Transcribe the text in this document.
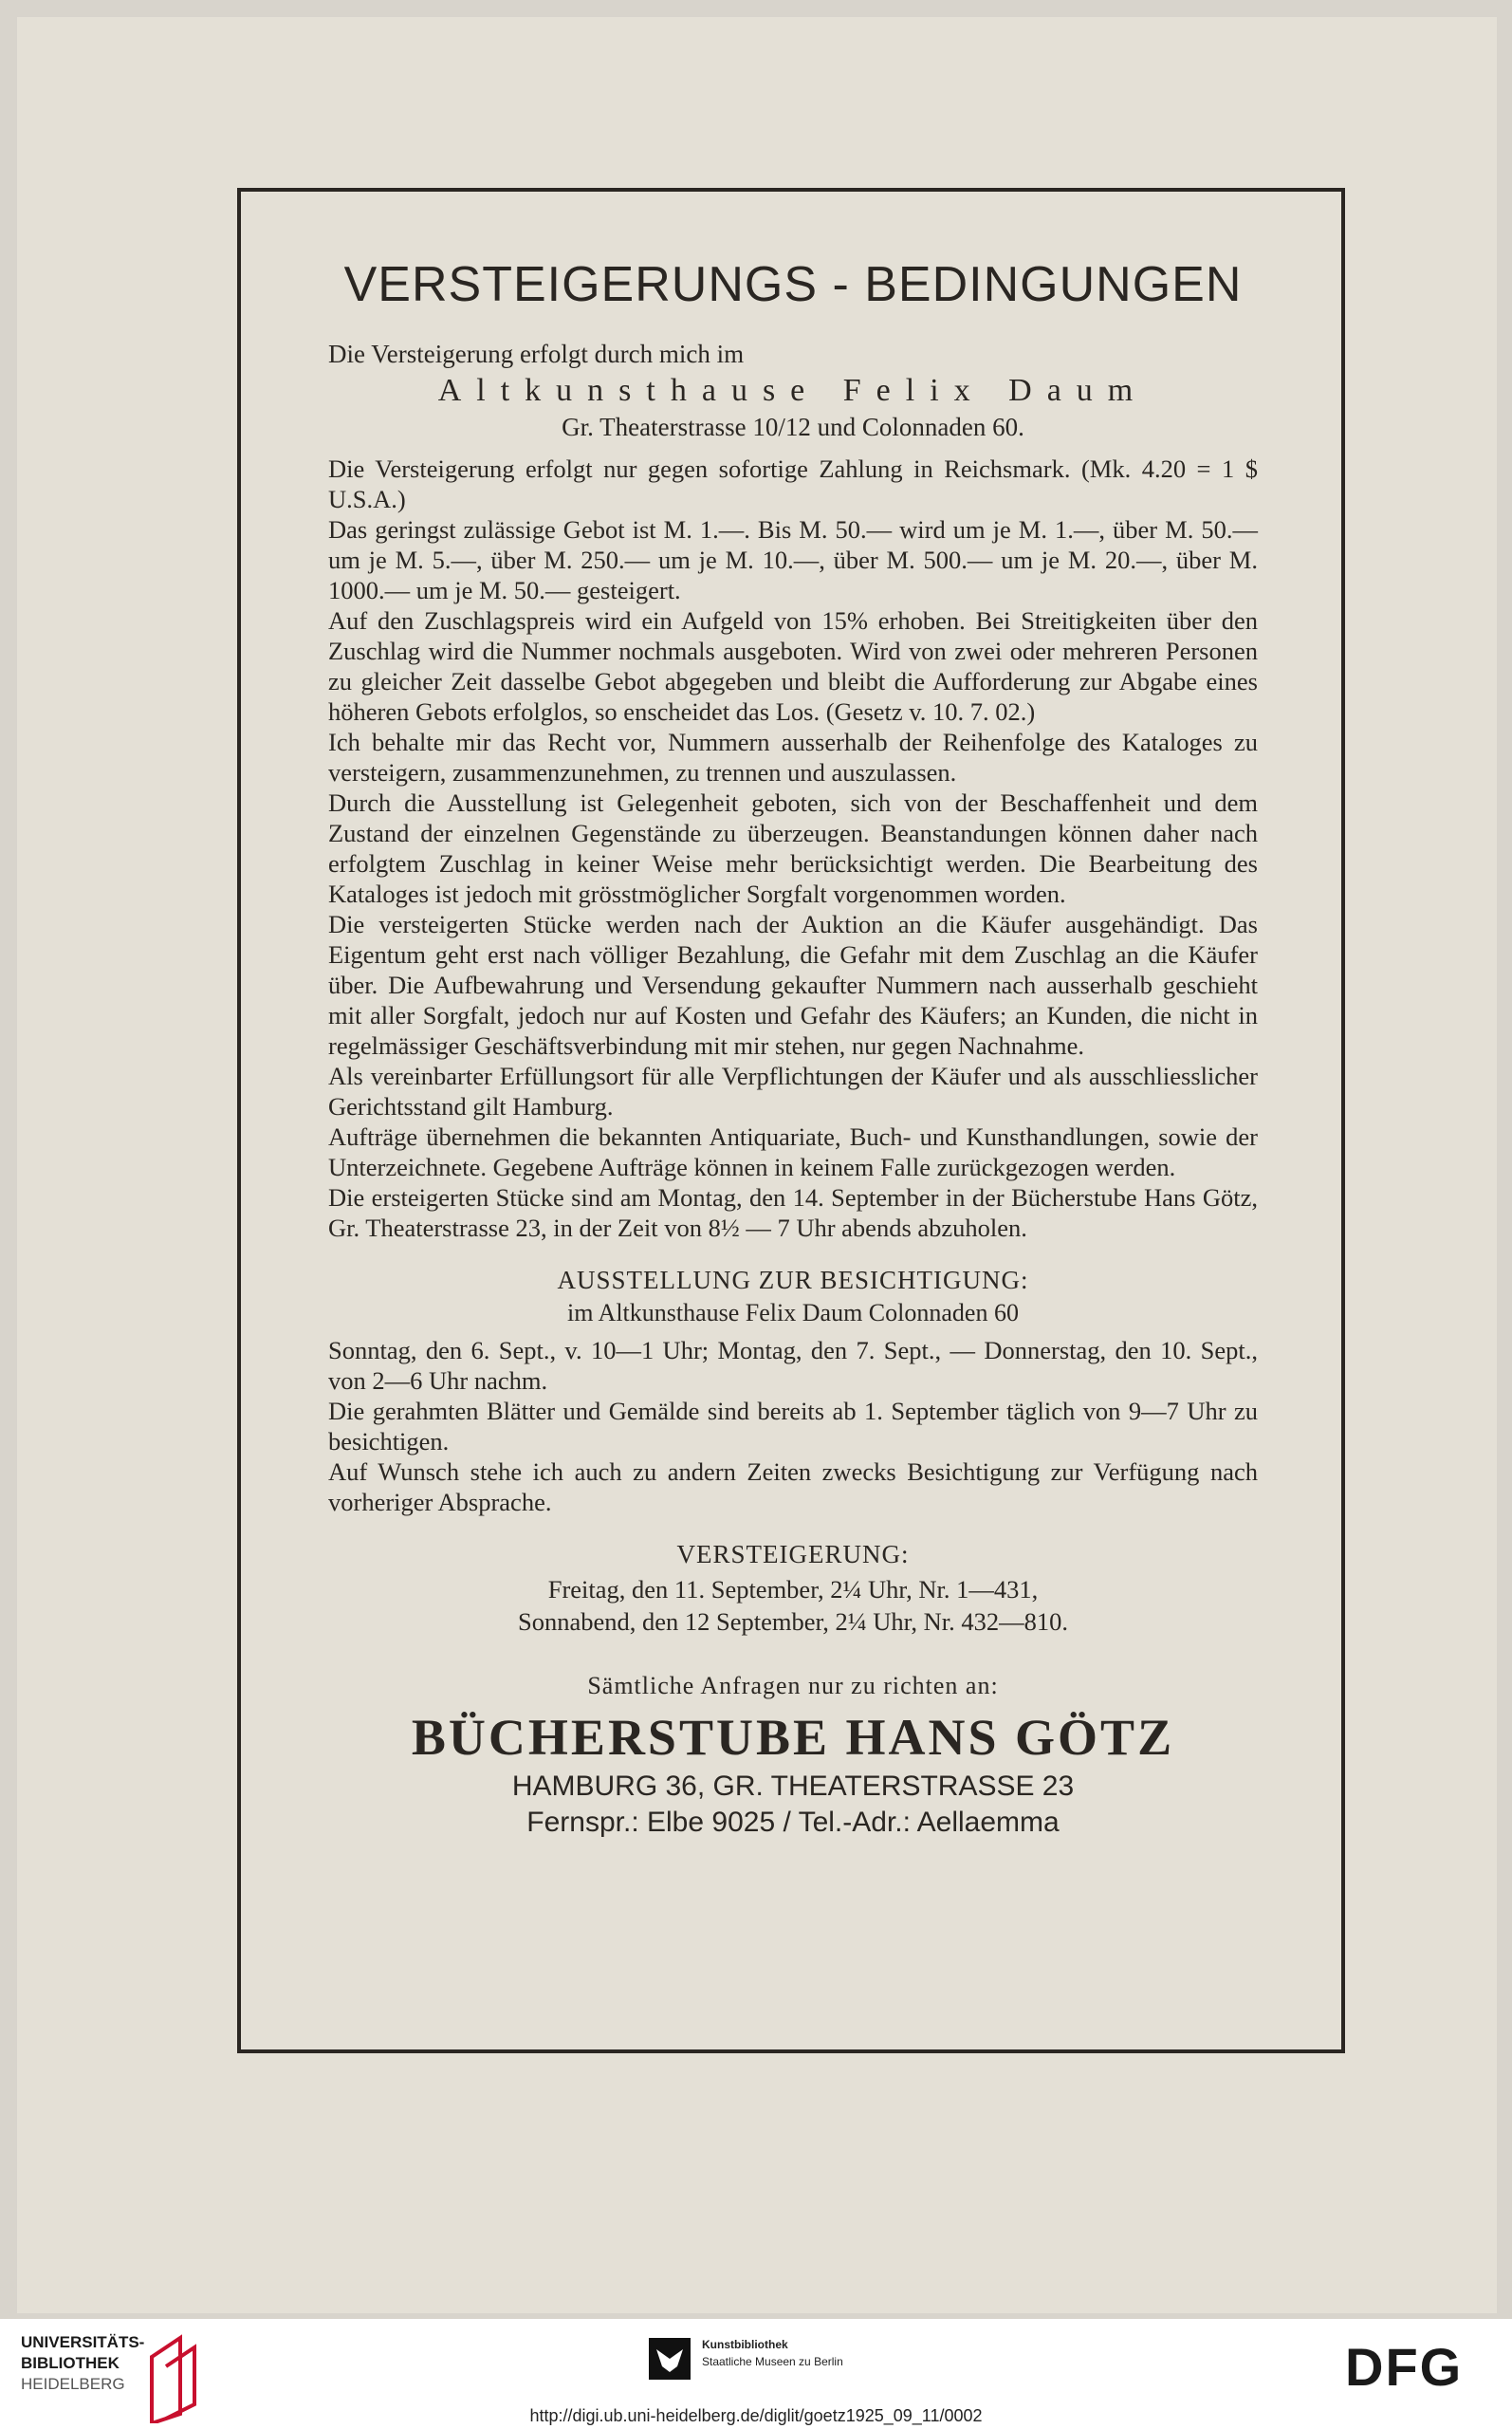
VERSTEIGERUNGS - BEDINGUNGEN

Die Versteigerung erfolgt durch mich im

Altkunsthause Felix Daum

Gr. Theaterstrasse 10/12 und Colonnaden 60.

Die Versteigerung erfolgt nur gegen sofortige Zahlung in Reichsmark. (Mk. 4.20 = 1 $ U.S.A.)

Das geringst zulässige Gebot ist M. 1.—. Bis M. 50.— wird um je M. 1.—, über M. 50.— um je M. 5.—, über M. 250.— um je M. 10.—, über M. 500.— um je M. 20.—, über M. 1000.— um je M. 50.— gesteigert.

Auf den Zuschlagspreis wird ein Aufgeld von 15% erhoben. Bei Streitigkeiten über den Zuschlag wird die Nummer nochmals ausgeboten. Wird von zwei oder mehreren Personen zu gleicher Zeit dasselbe Gebot abgegeben und bleibt die Aufforderung zur Abgabe eines höheren Gebots erfolglos, so enscheidet das Los. (Gesetz v. 10. 7. 02.)

Ich behalte mir das Recht vor, Nummern ausserhalb der Reihenfolge des Kataloges zu versteigern, zusammenzunehmen, zu trennen und auszulassen.

Durch die Ausstellung ist Gelegenheit geboten, sich von der Beschaffenheit und dem Zustand der einzelnen Gegenstände zu überzeugen. Beanstandungen können daher nach erfolgtem Zuschlag in keiner Weise mehr berücksichtigt werden. Die Bearbeitung des Kataloges ist jedoch mit grösstmöglicher Sorgfalt vorgenommen worden.

Die versteigerten Stücke werden nach der Auktion an die Käufer ausgehändigt. Das Eigentum geht erst nach völliger Bezahlung, die Gefahr mit dem Zuschlag an die Käufer über. Die Aufbewahrung und Versendung gekaufter Nummern nach ausserhalb geschieht mit aller Sorgfalt, jedoch nur auf Kosten und Gefahr des Käufers; an Kunden, die nicht in regelmässiger Geschäftsverbindung mit mir stehen, nur gegen Nachnahme.

Als vereinbarter Erfüllungsort für alle Verpflichtungen der Käufer und als ausschliesslicher Gerichtsstand gilt Hamburg.

Aufträge übernehmen die bekannten Antiquariate, Buch- und Kunsthandlungen, sowie der Unterzeichnete. Gegebene Aufträge können in keinem Falle zurückgezogen werden.

Die ersteigerten Stücke sind am Montag, den 14. September in der Bücherstube Hans Götz, Gr. Theaterstrasse 23, in der Zeit von 8½ — 7 Uhr abends abzuholen.

AUSSTELLUNG ZUR BESICHTIGUNG:

im Altkunsthause Felix Daum Colonnaden 60

Sonntag, den 6. Sept., v. 10—1 Uhr; Montag, den 7. Sept., — Donnerstag, den 10. Sept., von 2—6 Uhr nachm.

Die gerahmten Blätter und Gemälde sind bereits ab 1. September täglich von 9—7 Uhr zu besichtigen.

Auf Wunsch stehe ich auch zu andern Zeiten zwecks Besichtigung zur Verfügung nach vorheriger Absprache.

VERSTEIGERUNG:

Freitag, den 11. September, 2¼ Uhr, Nr. 1—431,

Sonnabend, den 12 September, 2¼ Uhr, Nr. 432—810.

Sämtliche Anfragen nur zu richten an:

BÜCHERSTUBE HANS GÖTZ

HAMBURG 36, GR. THEATERSTRASSE 23

Fernspr.: Elbe 9025 / Tel.-Adr.: Aellaemma

UNIVERSITÄTS-

BIBLIOTHEK

HEIDELBERG

Kunstbibliothek
Staatliche Museen zu Berlin	DFG
http://digi.ub.uni-heidelberg.de/diglit/goetz1925_09_11/0002
